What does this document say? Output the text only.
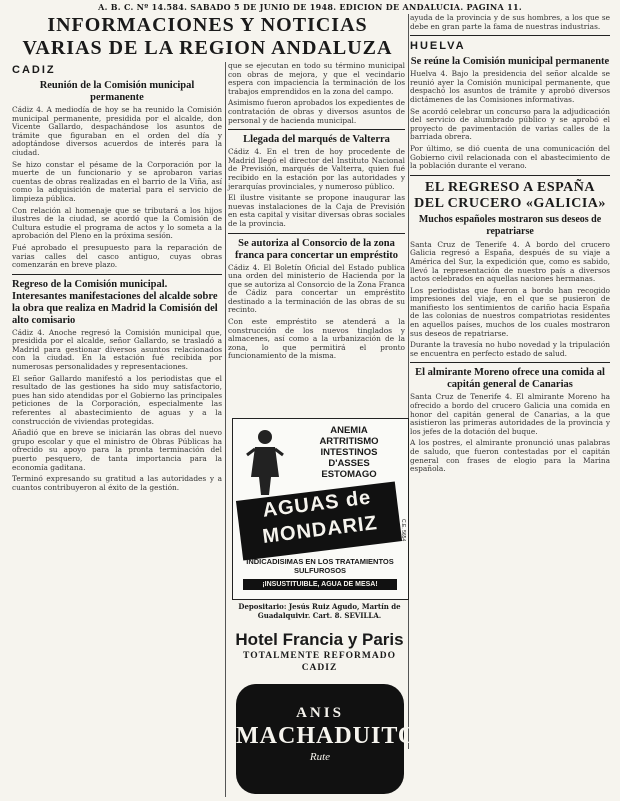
A. B. C. Nº 14.584. SABADO 5 DE JUNIO DE 1948. EDICION DE ANDALUCIA. PAGINA 11.
INFORMACIONES Y NOTICIAS VARIAS DE LA REGION ANDALUZA
CADIZ
Reunión de la Comisión municipal permanente

Cádiz 4. A mediodía de hoy se ha reunido la Comisión municipal permanente, presidida por el alcalde, don Vicente Gallardo, despachándose los asuntos de trámite que figuraban en el orden del día y adoptándose diversos acuerdos de interés para la ciudad.

Se hizo constar el pésame de la Corporación por la muerte de un funcionario y se aprobaron varias cuentas de obras realizadas en el barrio de la Viña, así como la adquisición de material para el servicio de limpieza pública.

Con relación al homenaje que se tributará a los hijos ilustres de la ciudad, se acordó que la Comisión de Cultura estudie el programa de actos y lo someta a la aprobación del Pleno en la próxima sesión.

Fué aprobado el presupuesto para la reparación de varias calles del casco antiguo, cuyas obras comenzarán en breve plazo.

Regreso de la Comisión municipal. Interesantes manifestaciones del alcalde sobre la obra que realiza en Madrid la Comisión del alto comisario

Cádiz 4. Anoche regresó la Comisión municipal que, presidida por el alcalde, señor Gallardo, se trasladó a Madrid para gestionar diversos asuntos relacionados con la ciudad. En la estación fué recibida por numerosas personalidades y representaciones.

El señor Gallardo manifestó a los periodistas que el resultado de las gestiones ha sido muy satisfactorio, pues han sido atendidas por el Gobierno las principales peticiones de la Corporación, especialmente las referentes al abastecimiento de aguas y a la construcción de viviendas protegidas.

Añadió que en breve se iniciarán las obras del nuevo grupo escolar y que el ministro de Obras Públicas ha ofrecido su apoyo para la pronta terminación del puerto pesquero, de tanta importancia para la economía gaditana.

Terminó expresando su gratitud a las autoridades y a cuantos contribuyeron al éxito de la gestión.

que se ejecutan en todo su término municipal con obras de mejora, y que el vecindario espera con impaciencia la terminación de los trabajos emprendidos en la zona del campo.

Asimismo fueron aprobados los expedientes de contratación de obras y diversos asuntos de personal y de hacienda municipal.

Llegada del marqués de Valterra

Cádiz 4. En el tren de hoy procedente de Madrid llegó el director del Instituto Nacional de Previsión, marqués de Valterra, quien fué recibido en la estación por las autoridades y jerarquías provinciales, y numeroso público.

El ilustre visitante se propone inaugurar las nuevas instalaciones de la Caja de Previsión en esta capital y visitar diversas obras sociales de la provincia.

Se autoriza al Consorcio de la zona franca para concertar un empréstito

Cádiz 4. El Boletín Oficial del Estado publica una orden del ministerio de Hacienda por la que se autoriza al Consorcio de la Zona Franca de Cádiz para concertar un empréstito destinado a la terminación de las obras de su recinto.

Con este empréstito se atenderá a la construcción de los nuevos tinglados y almacenes, así como a la urbanización de la zona, lo que permitirá el pronto funcionamiento de la misma.

ANEMIA
ARTRITISMO
INTESTINOS
D'ASSES
ESTOMAGO
AGUAS de
MONDARIZ
INDICADISIMAS EN LOS TRATAMIENTOS SULFUROSOS
¡INSUSTITUIBLE, AGUA DE MESA!
C.E. 5654
Depositario: Jesús Ruiz Agudo, Martín de Guadalquivir. Cart. 8. SEVILLA.
Hotel Francia y Paris
TOTALMENTE REFORMADO
CADIZ
ANIS
MACHADUITO
Rute

ayuda de la provincia y de sus hombres, a los que se debe en gran parte la fama de nuestras industrias.

HUELVA
Se reúne la Comisión municipal permanente

Huelva 4. Bajo la presidencia del señor alcalde se reunió ayer la Comisión municipal permanente, que despachó los asuntos de trámite y aprobó diversos dictámenes de las Comisiones informativas.

Se acordó celebrar un concurso para la adjudicación del servicio de alumbrado público y se aprobó el proyecto de pavimentación de varias calles de la barriada obrera.

Por último, se dió cuenta de una comunicación del Gobierno civil relacionada con el abastecimiento de la población durante el verano.

EL REGRESO A ESPAÑA DEL CRUCERO «GALICIA»
Muchos españoles mostraron sus deseos de repatriarse

Santa Cruz de Tenerife 4. A bordo del crucero Galicia regresó a España, después de su viaje a América del Sur, la expedición que, como es sabido, llevó la representación de nuestro país a diversos actos celebrados en aquellas naciones hermanas.

Los periodistas que fueron a bordo han recogido impresiones del viaje, en el que se pusieron de manifiesto los sentimientos de cariño hacia España de las colonias de nuestros compatriotas residentes en aquellos países, muchos de los cuales mostraron sus deseos de repatriarse.

Durante la travesía no hubo novedad y la tripulación se encuentra en perfecto estado de salud.

El almirante Moreno ofrece una comida al capitán general de Canarias

Santa Cruz de Tenerife 4. El almirante Moreno ha ofrecido a bordo del crucero Galicia una comida en honor del capitán general de Canarias, a la que asistieron las primeras autoridades de la provincia y los jefes de la dotación del buque.

A los postres, el almirante pronunció unas palabras de saludo, que fueron contestadas por el capitán general con frases de elogio para la Marina española.
